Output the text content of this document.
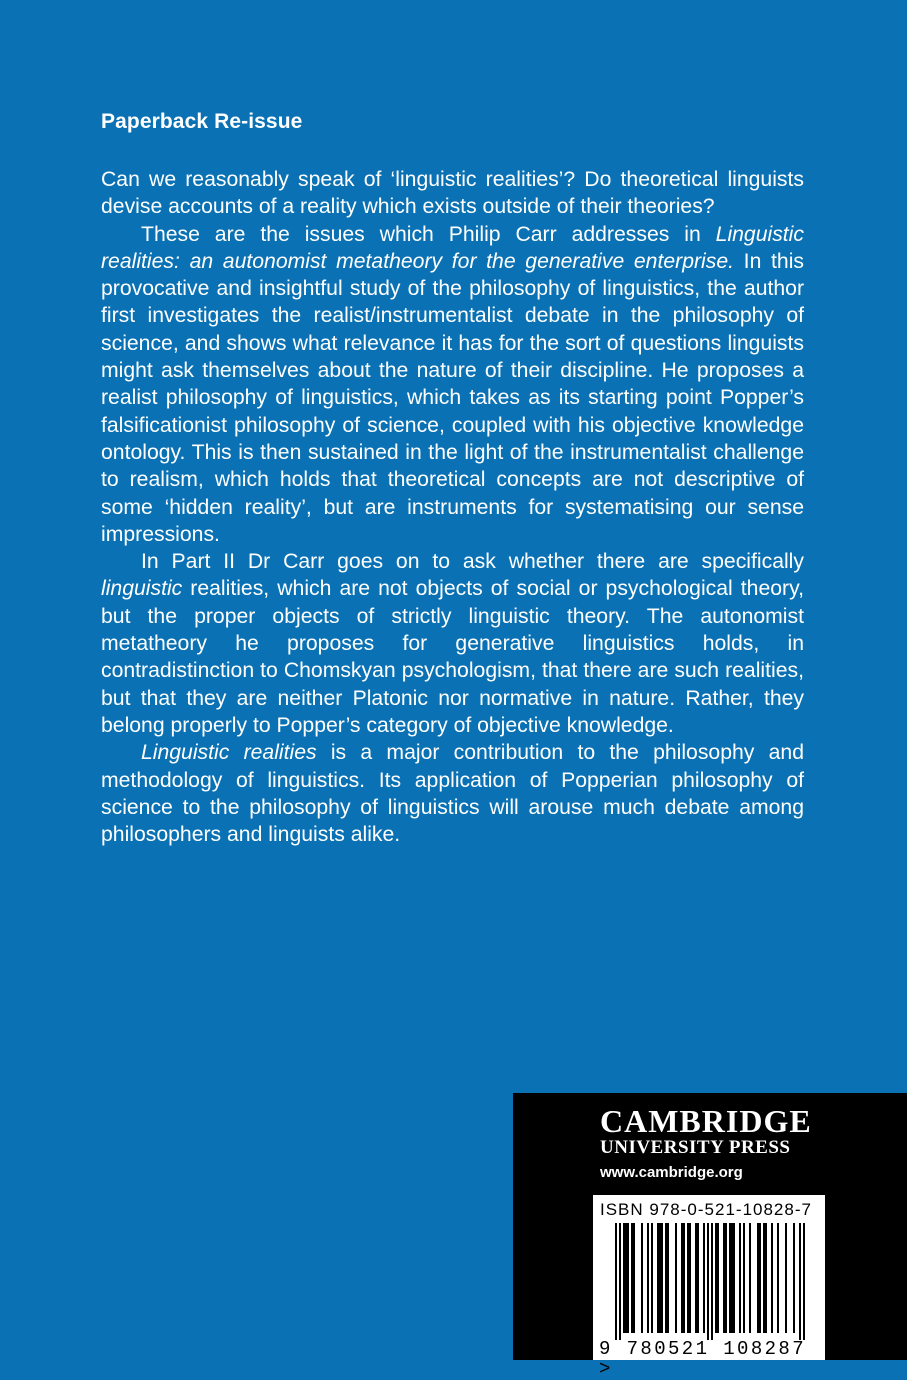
Paperback Re-issue

Can we reasonably speak of ‘linguistic realities’? Do theoretical linguists devise accounts of a reality which exists outside of their theories?

These are the issues which Philip Carr addresses in Linguistic realities: an autonomist metatheory for the generative enterprise. In this provocative and insightful study of the philosophy of linguistics, the author first investigates the realist/instrumentalist debate in the philosophy of science, and shows what relevance it has for the sort of questions linguists might ask themselves about the nature of their discipline. He proposes a realist philosophy of linguistics, which takes as its starting point Popper’s falsificationist philosophy of science, coupled with his objective knowledge ontology. This is then sustained in the light of the instrumentalist challenge to realism, which holds that theoretical concepts are not descriptive of some ‘hidden reality’, but are instruments for systematising our sense impressions.

In Part II Dr Carr goes on to ask whether there are specifically linguistic realities, which are not objects of social or psychological theory, but the proper objects of strictly linguistic theory. The autonomist metatheory he proposes for generative linguistics holds, in contradistinction to Chomskyan psychologism, that there are such realities, but that they are neither Platonic nor normative in nature. Rather, they belong properly to Popper’s category of objective knowledge.

Linguistic realities is a major contribution to the philosophy and methodology of linguistics. Its application of Popperian philosophy of science to the philosophy of linguistics will arouse much debate among philosophers and linguists alike.

CAMBRIDGE
UNIVERSITY PRESS
www.cambridge.org
ISBN 978-0-521-10828-7
9 780521 108287 >
